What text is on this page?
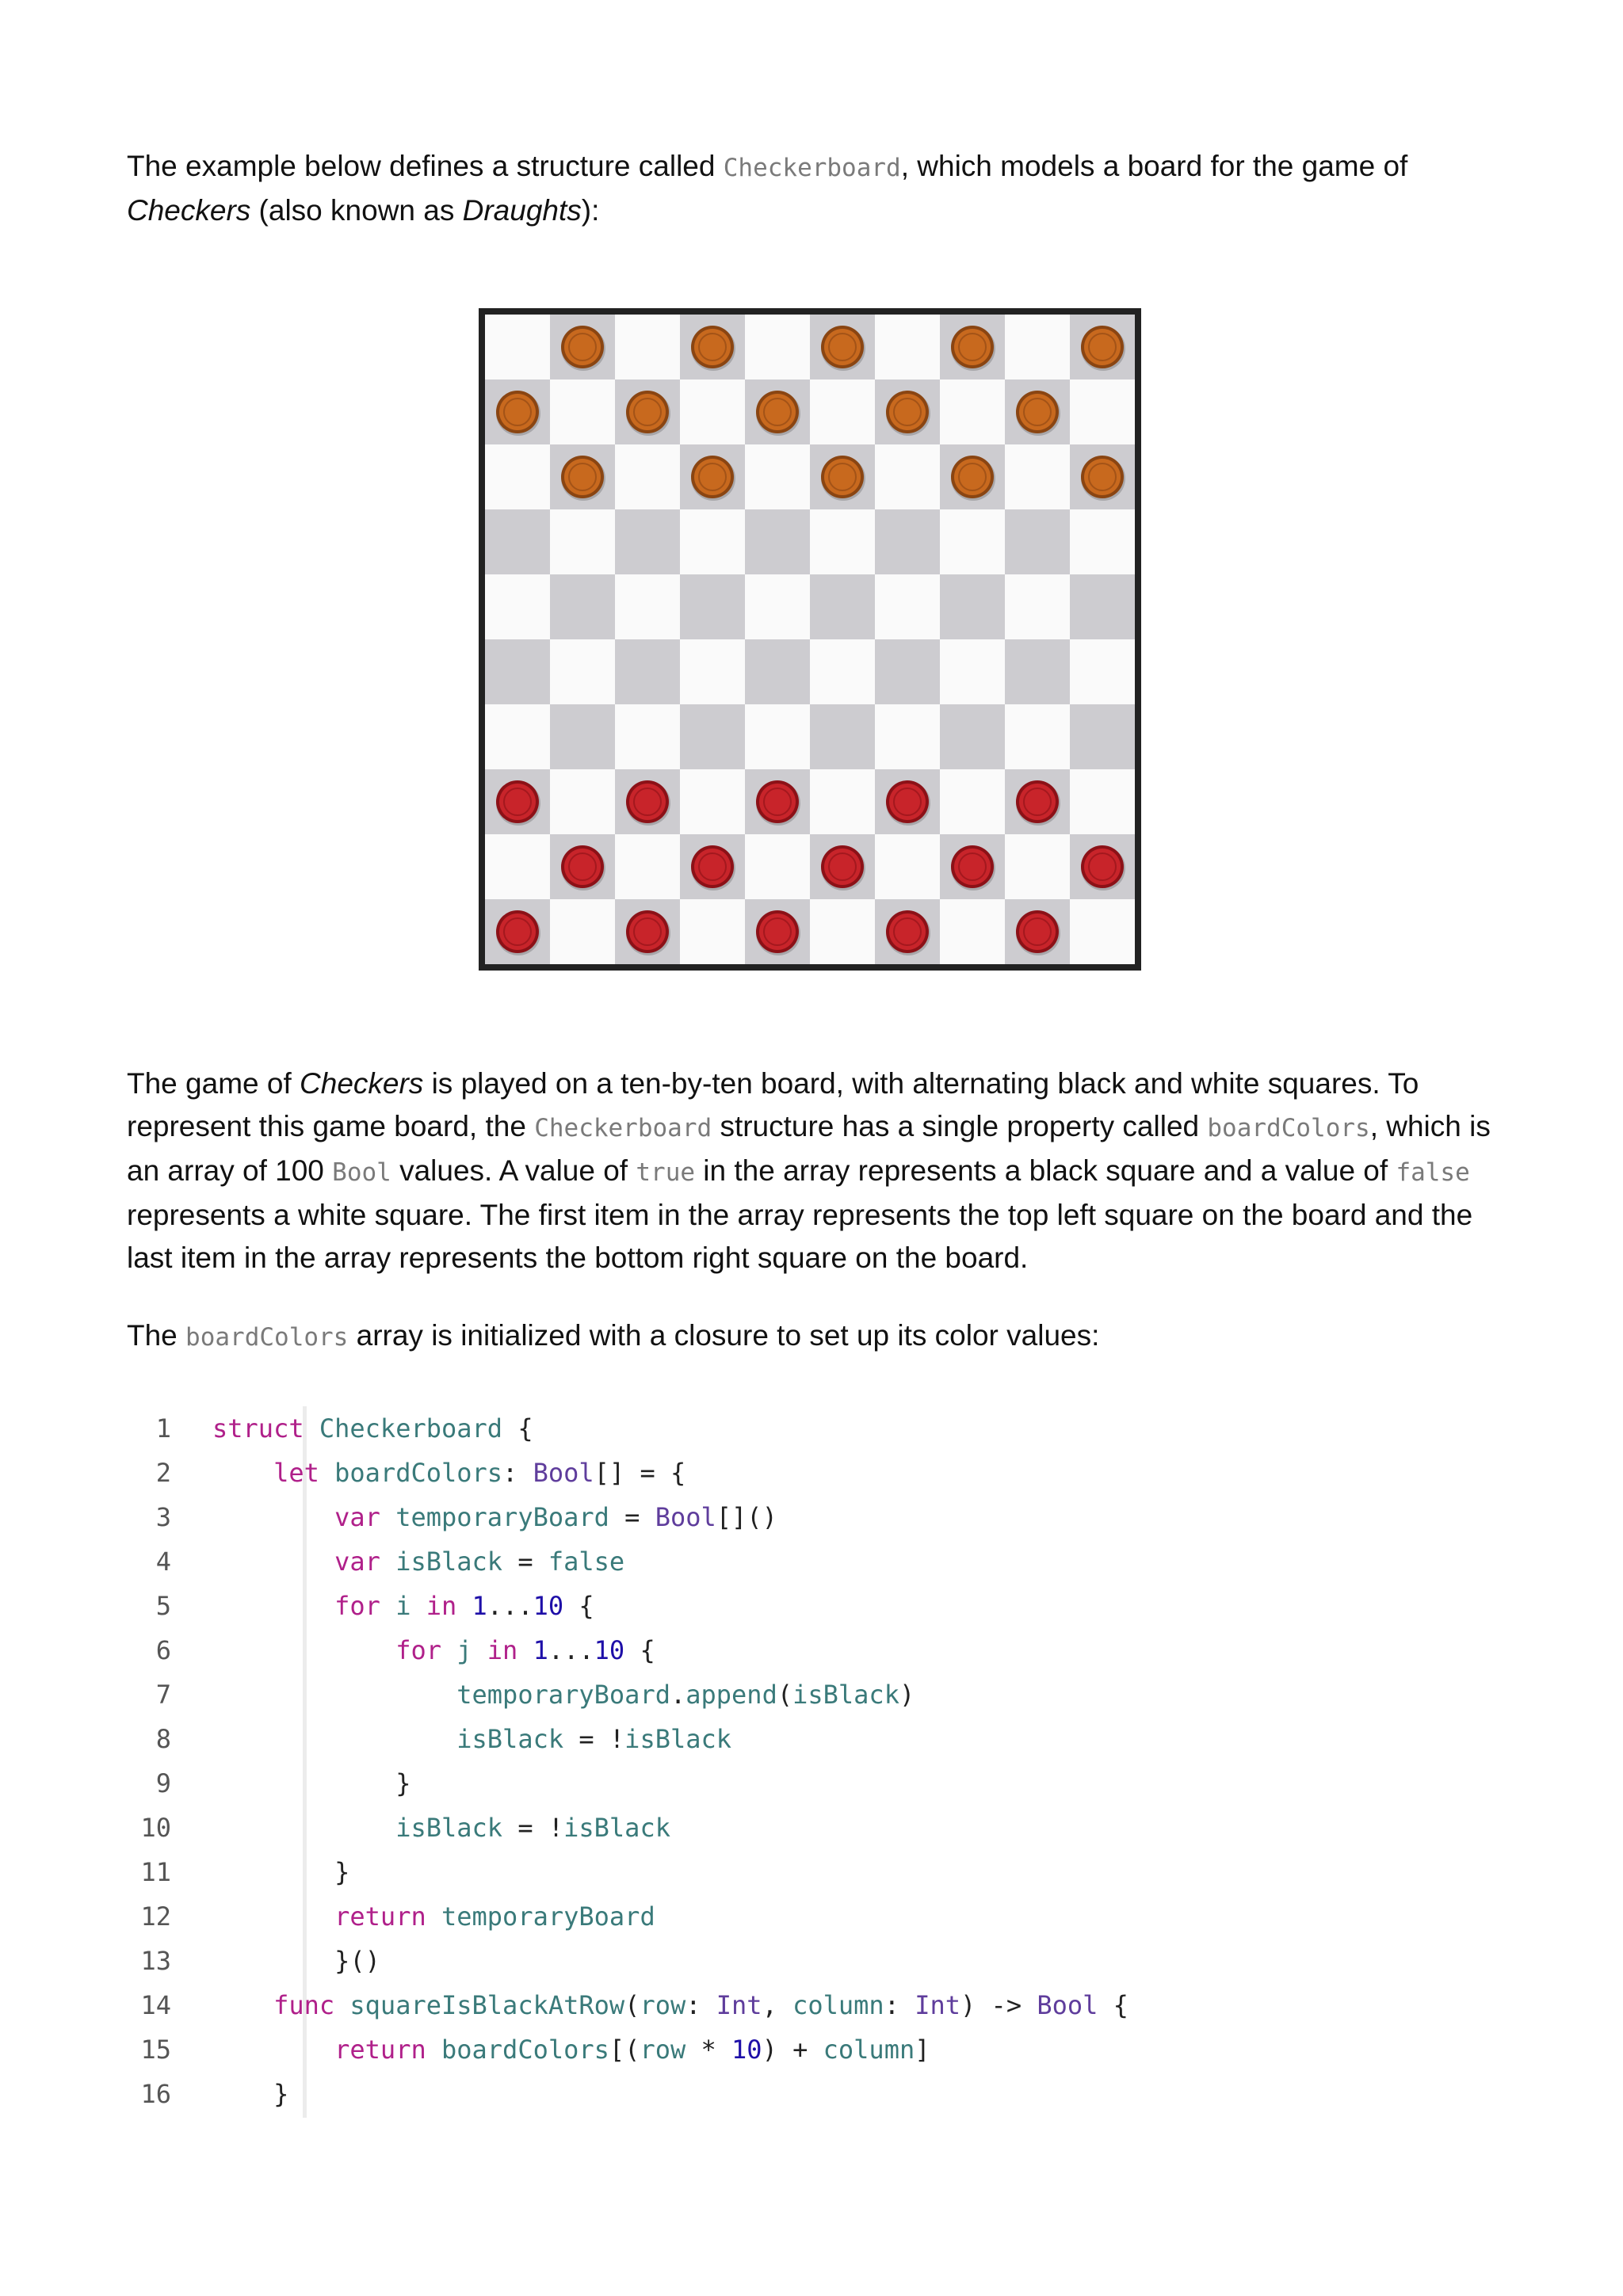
The example below defines a structure called Checkerboard, which models a board for the game of Checkers (also known as Draughts):

The game of Checkers is played on a ten-by-ten board, with alternating black and white squares. To represent this game board, the Checkerboard structure has a single property called boardColors, which is an array of 100 Bool values. A value of true in the array represents a black square and a value of false represents a white square. The first item in the array represents the top left square on the board and the last item in the array represents the bottom right square on the board.

The boardColors array is initialized with a closure to set up its color values:

1 struct Checkerboard {
2	let boardColors: Bool[] = {
3	var temporaryBoard = Bool[]()
4	var isBlack = false
5	for i in 1...10 {
6	for j in 1...10 {
7	temporaryBoard.append(isBlack)
8	isBlack = !isBlack
9 }
10	isBlack = !isBlack
11 }
12	return temporaryBoard
13 }()
14	func squareIsBlackAtRow(row: Int, column: Int) -> Bool {
15	return boardColors[(row * 10) + column]
16 }
